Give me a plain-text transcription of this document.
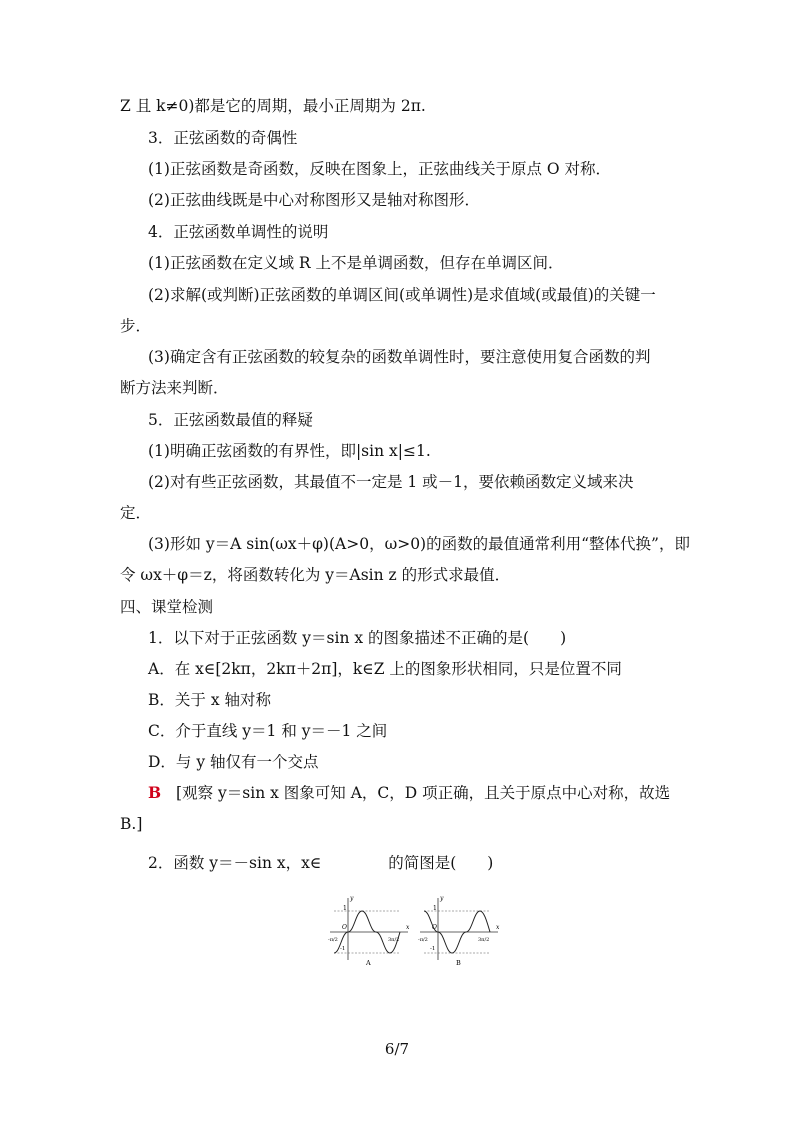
Z 且 k≠0)都是它的周期，最小正周期为 2π.
3．正弦函数的奇偶性
(1)正弦函数是奇函数，反映在图象上，正弦曲线关于原点 O 对称．
(2)正弦曲线既是中心对称图形又是轴对称图形．
4．正弦函数单调性的说明
(1)正弦函数在定义域 R 上不是单调函数，但存在单调区间．
(2)求解(或判断)正弦函数的单调区间(或单调性)是求值域(或最值)的关键一
步．
(3)确定含有正弦函数的较复杂的函数单调性时，要注意使用复合函数的判
断方法来判断．
5．正弦函数最值的释疑
(1)明确正弦函数的有界性，即|sin x|≤1.
(2)对有些正弦函数，其最值不一定是 1 或－1，要依赖函数定义域来决
定．
(3)形如 y＝A sin(ωx＋φ)(A>0，ω>0)的函数的最值通常利用“整体代换”，即
令 ωx＋φ＝z，将函数转化为 y＝Asin z 的形式求最值．
四、课堂检测
1．以下对于正弦函数 y＝sin x 的图象描述不正确的是(　　)
A．在 x∈[2kπ，2kπ＋2π]，k∈Z 上的图象形状相同，只是位置不同
B．关于 x 轴对称
C．介于直线 y＝1 和 y＝－1 之间
D．与 y 轴仅有一个交点
B [观察 y＝sin x 图象可知 A，C，D 项正确，且关于原点中心对称，故选
B.]
2．函数 y＝－sin x，x∈　　　　 的简图是(　　)
y
x
O
1
-1
-π/2	3π/2
A
y
x
O
1
-1
-π/2	3π/2
B
6/7
